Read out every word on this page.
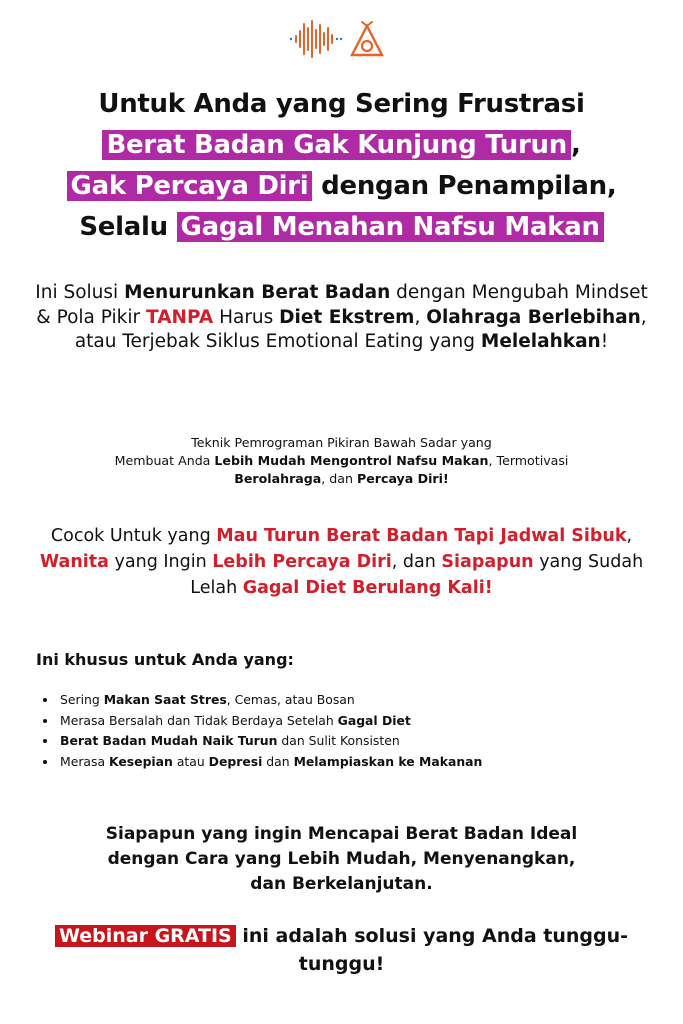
Untuk Anda yang Sering Frustrasi
Berat Badan Gak Kunjung Turun ,
Gak Percaya Diri dengan Penampilan,
Selalu Gagal Menahan Nafsu Makan
Ini Solusi Menurunkan Berat Badan dengan Mengubah Mindset & Pola Pikir TANPA Harus Diet Ekstrem, Olahraga Berlebihan, atau Terjebak Siklus Emotional Eating yang Melelahkan!
Teknik Pemrograman Pikiran Bawah Sadar yang
Membuat Anda Lebih Mudah Mengontrol Nafsu Makan, Termotivasi
Berolahraga, dan Percaya Diri!
Cocok Untuk yang Mau Turun Berat Badan Tapi Jadwal Sibuk, Wanita yang Ingin Lebih Percaya Diri, dan Siapapun yang Sudah Lelah Gagal Diet Berulang Kali!
Ini khusus untuk Anda yang:
• Sering Makan Saat Stres, Cemas, atau Bosan
• Merasa Bersalah dan Tidak Berdaya Setelah Gagal Diet
• Berat Badan Mudah Naik Turun dan Sulit Konsisten
• Merasa Kesepian atau Depresi dan Melampiaskan ke Makanan
Siapapun yang ingin Mencapai Berat Badan Ideal
dengan Cara yang Lebih Mudah, Menyenangkan,
dan Berkelanjutan.
Webinar GRATIS ini adalah solusi yang Anda tunggu-tunggu!
